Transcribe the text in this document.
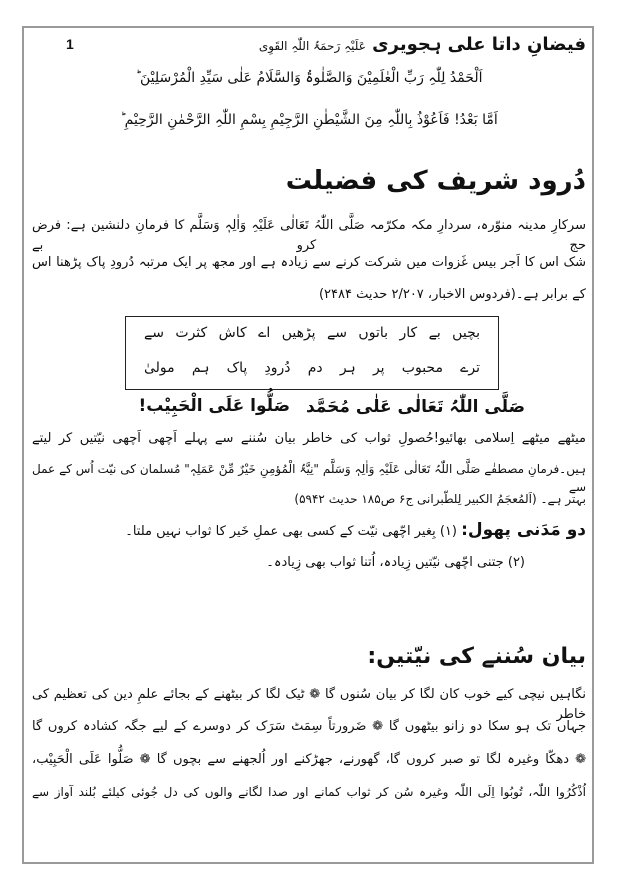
فیضانِ داتا علی ہجویری عَلَیْہِ رَحمَۃُ اللّٰہِ القَوِی
1
اَلْحَمْدُ لِلّٰہِ رَبِّ الْعٰلَمِیْنَ وَالصَّلٰوۃُ وَالسَّلَامُ عَلٰی سَیِّدِ الْمُرْسَلِیْنَ ؕ
اَمَّا بَعْدُ! فَاَعُوْذُ بِاللّٰہِ مِنَ الشَّیْطٰنِ الرَّجِیْمِ بِسْمِ اللّٰہِ الرَّحْمٰنِ الرَّحِیْمِ ؕ
دُرود شریف کی فضیلت
سرکارِ مدینہ منوّرہ، سردارِ مکہ مکرّمہ صَلَّی اللّٰہُ تَعَالٰی عَلَیْہِ وَاٰلِہٖ وَسَلَّم کا فرمانِ دلنشین ہے: فرض حج کرو بے
شک اس کا اَجر بیس غَزوات میں شرکت کرنے سے زیادہ ہے اور مجھ پر ایک مرتبہ دُرودِ پاک پڑھنا اس
کے برابر ہے۔(فردوس الاخبار، ۲/۲۰۷ حدیث ۲۴۸۴)
بچیں بے کار باتوں سے پڑھیں اے کاش کثرت سے
ترے محبوب پر ہر دم دُرودِ پاک ہم مولیٰ
صَلُّوا عَلَی الْحَبِیْب! صَلَّی اللّٰہُ تَعَالٰی عَلٰی مُحَمَّد
میٹھے میٹھے اِسلامی بھائیو!حُصولِ ثواب کی خاطر بیان سُننے سے پہلے اَچھی اَچھی نیّتیں کر لیتے
ہیں۔فرمانِ مصطفٰے صَلَّی اللّٰہُ تَعَالٰی عَلَیْہِ وَاٰلِہٖ وَسَلَّم "نِیَّۃُ الْمُؤمِنِ خَیْرٌ مِّنْ عَمَلِہٖ" مُسلمان کی نیّت اُس کے عمل سے
بہتر ہے۔ (اَلمُعجَمُ الکبیر لِلطّبرانی ج۶ ص۱۸۵ حدیث ۵۹۴۲)
دو مَدَنی پھول: (۱) بِغیر اچّھی نیّت کے کسی بھی عملِ خَیر کا ثواب نہیں ملتا۔
(۲) جتنی اچّھی نیّتیں زِیادہ، اُتنا ثواب بھی زِیادہ۔
بیان سُننے کی نیّتیں:
نگاہیں نیچی کیے خوب کان لگا کر بیان سُنوں گا ❁ ٹیک لگا کر بیٹھنے کے بجائے علمِ دین کی تعظیم کی خاطر
جہاں تک ہو سکا دو زانو بیٹھوں گا ❁ ضَرورتاً سِمَٹ سَرَک کر دوسرے کے لیے جگہ کشادہ کروں گا
❁ دھکّا وغیرہ لگا تو صبر کروں گا، گھورنے، جھڑکنے اور اُلجھنے سے بچوں گا ❁ صَلُّوا عَلَی الْحَبِیْب،
اُذْکُرُوا اللّٰہ، تُوبُوا اِلَی اللّٰہ وغیرہ سُن کر ثواب کمانے اور صدا لگانے والوں کی دل جُوئی کیلئے بُلند آواز سے
